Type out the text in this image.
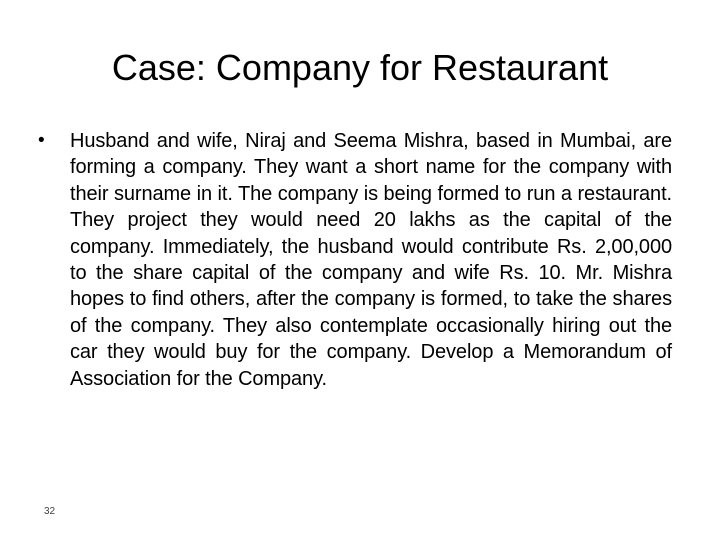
Case: Company for Restaurant
• Husband and wife, Niraj and Seema Mishra, based in Mumbai, are forming a company. They want a short name for the company with their surname in it. The company is being formed to run a restaurant. They project they would need 20 lakhs as the capital of the company. Immediately, the husband would contribute Rs. 2,00,000 to the share capital of the company and wife Rs. 10. Mr. Mishra hopes to find others, after the company is formed, to take the shares of the company. They also contemplate occasionally hiring out the car they would buy for the company. Develop a Memorandum of Association for the Company.

32
